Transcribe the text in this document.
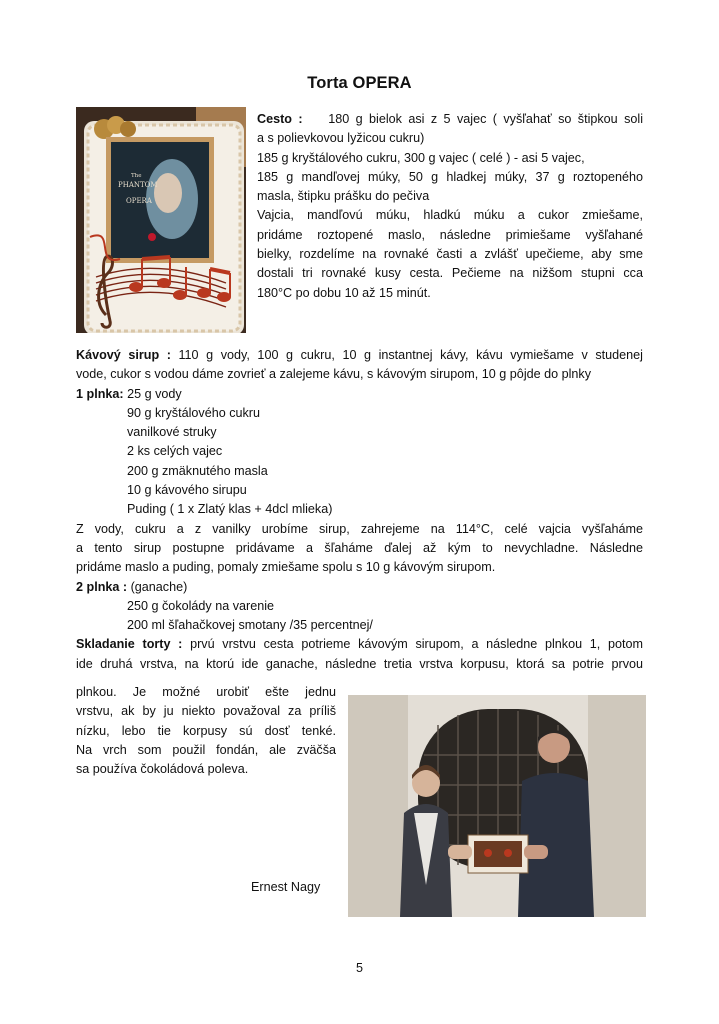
Torta OPERA
The
PHANTOM
OPERA
Cesto : 180 g bielok asi z 5 vajec ( vyšľahať so štipkou soli
a s polievkovou lyžicou cukru)
185 g kryštálového cukru, 300 g vajec ( celé ) - asi 5 vajec,
185 g mandľovej múky, 50 g hladkej múky, 37 g roztopeného
masla, štipku prášku do pečiva
Vajcia, mandľovú múku, hladkú múku a cukor zmiešame,
pridáme roztopené maslo, následne primiešame vyšľahané
bielky, rozdelíme na rovnaké časti a zvlášť upečieme, aby sme
dostali tri rovnaké kusy cesta. Pečieme na nižšom stupni cca
180°C po dobu 10 až 15 minút.
Kávový sirup : 110 g vody, 100 g cukru, 10 g instantnej kávy, kávu vymiešame v studenej
vode, cukor s vodou dáme zovrieť a zalejeme kávu, s kávovým sirupom, 10 g pôjde do plnky
1 plnka: 25 g vody
90 g kryštálového cukru
vanilkové struky
2 ks celých vajec
200 g zmäknutého masla
10 g kávového sirupu
Puding ( 1 x Zlatý klas + 4dcl mlieka)
Z vody, cukru a z vanilky urobíme sirup, zahrejeme na 114°C, celé vajcia vyšľaháme
a tento sirup postupne pridávame a šľaháme ďalej až kým to nevychladne. Následne
pridáme maslo a puding, pomaly zmiešame spolu s 10 g kávovým sirupom.
2 plnka : (ganache)
250 g čokolády na varenie
200 ml šľahačkovej smotany /35 percentnej/
Skladanie torty : prvú vrstvu cesta potrieme kávovým sirupom, a následne plnkou 1, potom
ide druhá vrstva, na ktorú ide ganache, následne tretia vrstva korpusu, ktorá sa potrie prvou
plnkou. Je možné urobiť ešte jednu
vrstvu, ak by ju niekto považoval za príliš
nízku, lebo tie korpusy sú dosť tenké.
Na vrch som použil fondán, ale zväčša
sa používa čokoládová poleva.
Ernest Nagy
5
